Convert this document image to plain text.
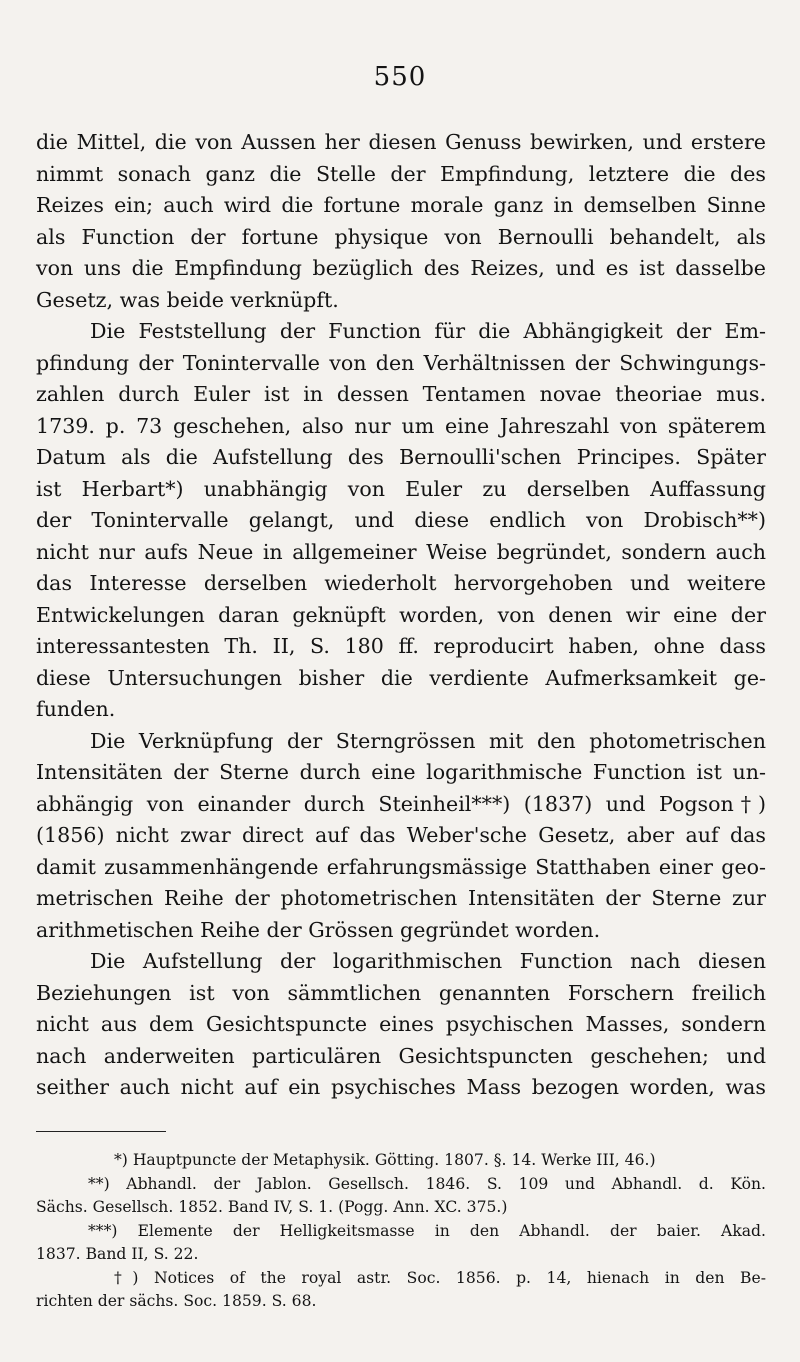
550
die Mittel, die von Aussen her diesen Genuss bewirken, und erstere
nimmt sonach ganz die Stelle der Empfindung, letztere die des
Reizes ein; auch wird die fortune morale ganz in demselben Sinne
als Function der fortune physique von Bernoulli behandelt, als
von uns die Empfindung bezüglich des Reizes, und es ist dasselbe
Gesetz, was beide verknüpft.
Die Feststellung der Function für die Abhängigkeit der Em-
pfindung der Tonintervalle von den Verhältnissen der Schwingungs-
zahlen durch Euler ist in dessen Tentamen novae theoriae mus.
1739. p. 73 geschehen, also nur um eine Jahreszahl von späterem
Datum als die Aufstellung des Bernoulli'schen Principes. Später
ist Herbart*) unabhängig von Euler zu derselben Auffassung
der Tonintervalle gelangt, und diese endlich von Drobisch**)
nicht nur aufs Neue in allgemeiner Weise begründet, sondern auch
das Interesse derselben wiederholt hervorgehoben und weitere
Entwickelungen daran geknüpft worden, von denen wir eine der
interessantesten Th. II, S. 180 ff. reproducirt haben, ohne dass
diese Untersuchungen bisher die verdiente Aufmerksamkeit ge-
funden.
Die Verknüpfung der Sterngrössen mit den photometrischen
Intensitäten der Sterne durch eine logarithmische Function ist un-
abhängig von einander durch Steinheil***) (1837) und Pogson†)
(1856) nicht zwar direct auf das Weber'sche Gesetz, aber auf das
damit zusammenhängende erfahrungsmässige Statthaben einer geo-
metrischen Reihe der photometrischen Intensitäten der Sterne zur
arithmetischen Reihe der Grössen gegründet worden.
Die Aufstellung der logarithmischen Function nach diesen
Beziehungen ist von sämmtlichen genannten Forschern freilich
nicht aus dem Gesichtspuncte eines psychischen Masses, sondern
nach anderweiten particulären Gesichtspuncten geschehen; und
seither auch nicht auf ein psychisches Mass bezogen worden, was
*) Hauptpuncte der Metaphysik. Götting. 1807. §. 14. Werke III, 46.)
**) Abhandl. der Jablon. Gesellsch. 1846. S. 109 und Abhandl. d. Kön.
Sächs. Gesellsch. 1852. Band IV, S. 1. (Pogg. Ann. XC. 375.)
***) Elemente der Helligkeitsmasse in den Abhandl. der baier. Akad.
1837. Band II, S. 22.
†) Notices of the royal astr. Soc. 1856. p. 14, hienach in den Be-
richten der sächs. Soc. 1859. S. 68.
